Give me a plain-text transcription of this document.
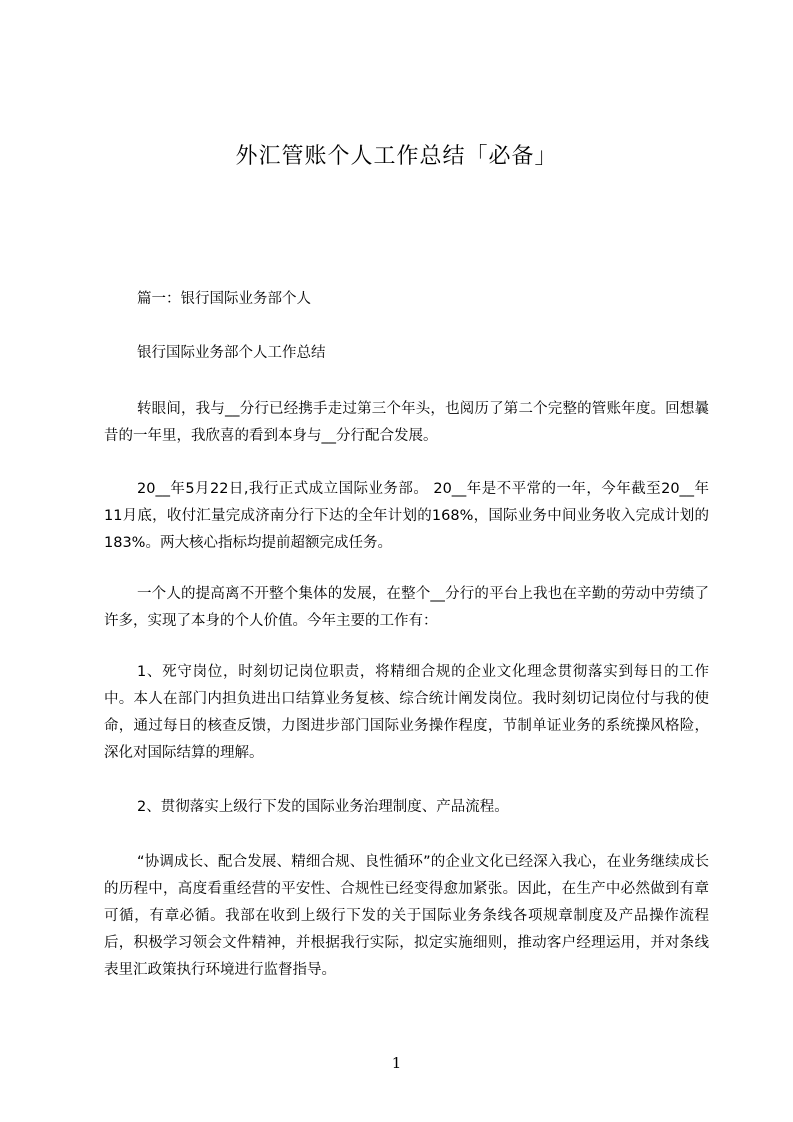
外汇管账个人工作总结「必备」

篇一：银行国际业务部个人

银行国际业务部个人工作总结

转眼间，我与__分行已经携手走过第三个年头，也阅历了第二个完整的管账年度。回想曩昔的一年里，我欣喜的看到本身与__分行配合发展。

20__年5月22日,我行正式成立国际业务部。 20__年是不平常的一年，今年截至20__年11月底，收付汇量完成济南分行下达的全年计划的168%，国际业务中间业务收入完成计划的183%。两大核心指标均提前超额完成任务。

一个人的提高离不开整个集体的发展，在整个__分行的平台上我也在辛勤的劳动中劳绩了许多，实现了本身的个人价值。今年主要的工作有：

1、死守岗位，时刻切记岗位职责，将精细合规的企业文化理念贯彻落实到每日的工作中。本人在部门内担负进出口结算业务复核、综合统计阐发岗位。我时刻切记岗位付与我的使命，通过每日的核查反馈，力图进步部门国际业务操作程度，节制单证业务的系统操风格险，深化对国际结算的理解。

2、贯彻落实上级行下发的国际业务治理制度、产品流程。

“协调成长、配合发展、精细合规、良性循环”的企业文化已经深入我心，在业务继续成长的历程中，高度看重经营的平安性、合规性已经变得愈加紧张。因此，在生产中必然做到有章可循，有章必循。我部在收到上级行下发的关于国际业务条线各项规章制度及产品操作流程后，积极学习领会文件精神，并根据我行实际，拟定实施细则，推动客户经理运用，并对条线表里汇政策执行环境进行监督指导。

1
